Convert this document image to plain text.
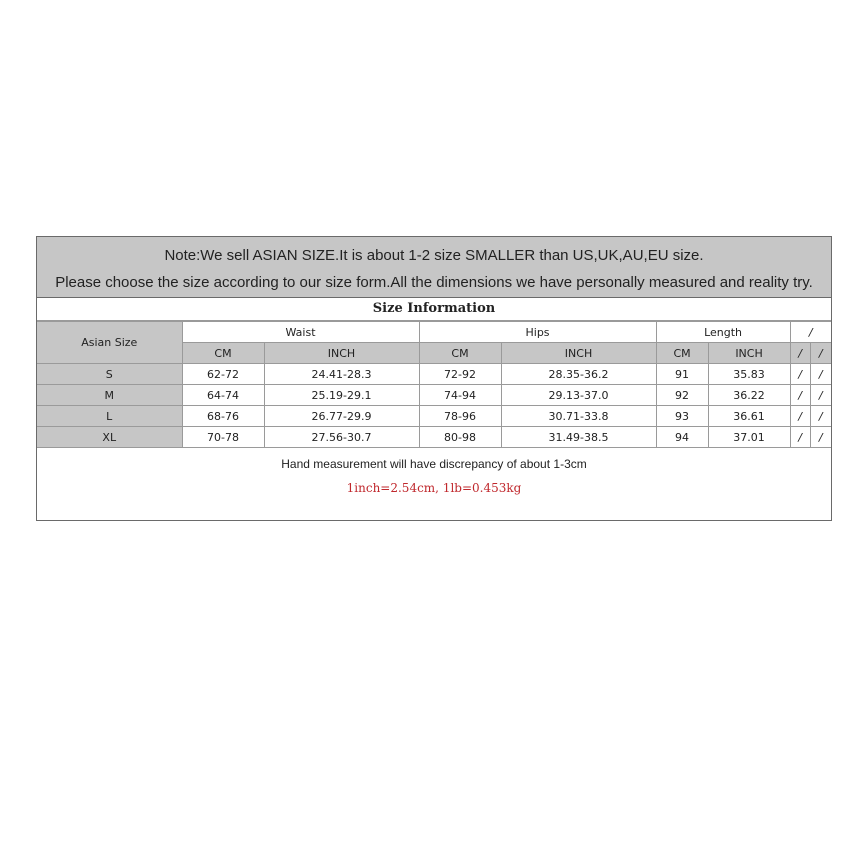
Note:We sell ASIAN SIZE.It is about 1-2 size SMALLER than US,UK,AU,EU size.
Please choose the size according to our size form.All the dimensions we have personally measured and reality try.
Size Information
Asian Size	Waist		Hips		Length		/	
	CM	INCH	CM	INCH	CM	INCH	/	/
S	62-72	24.41-28.3	72-92	28.35-36.2	91	35.83	/	/
M	64-74	25.19-29.1	74-94	29.13-37.0	92	36.22	/	/
L	68-76	26.77-29.9	78-96	30.71-33.8	93	36.61	/	/
XL	70-78	27.56-30.7	80-98	31.49-38.5	94	37.01	/	/
Hand measurement will have discrepancy of about 1-3cm
1inch=2.54cm, 1lb=0.453kg
